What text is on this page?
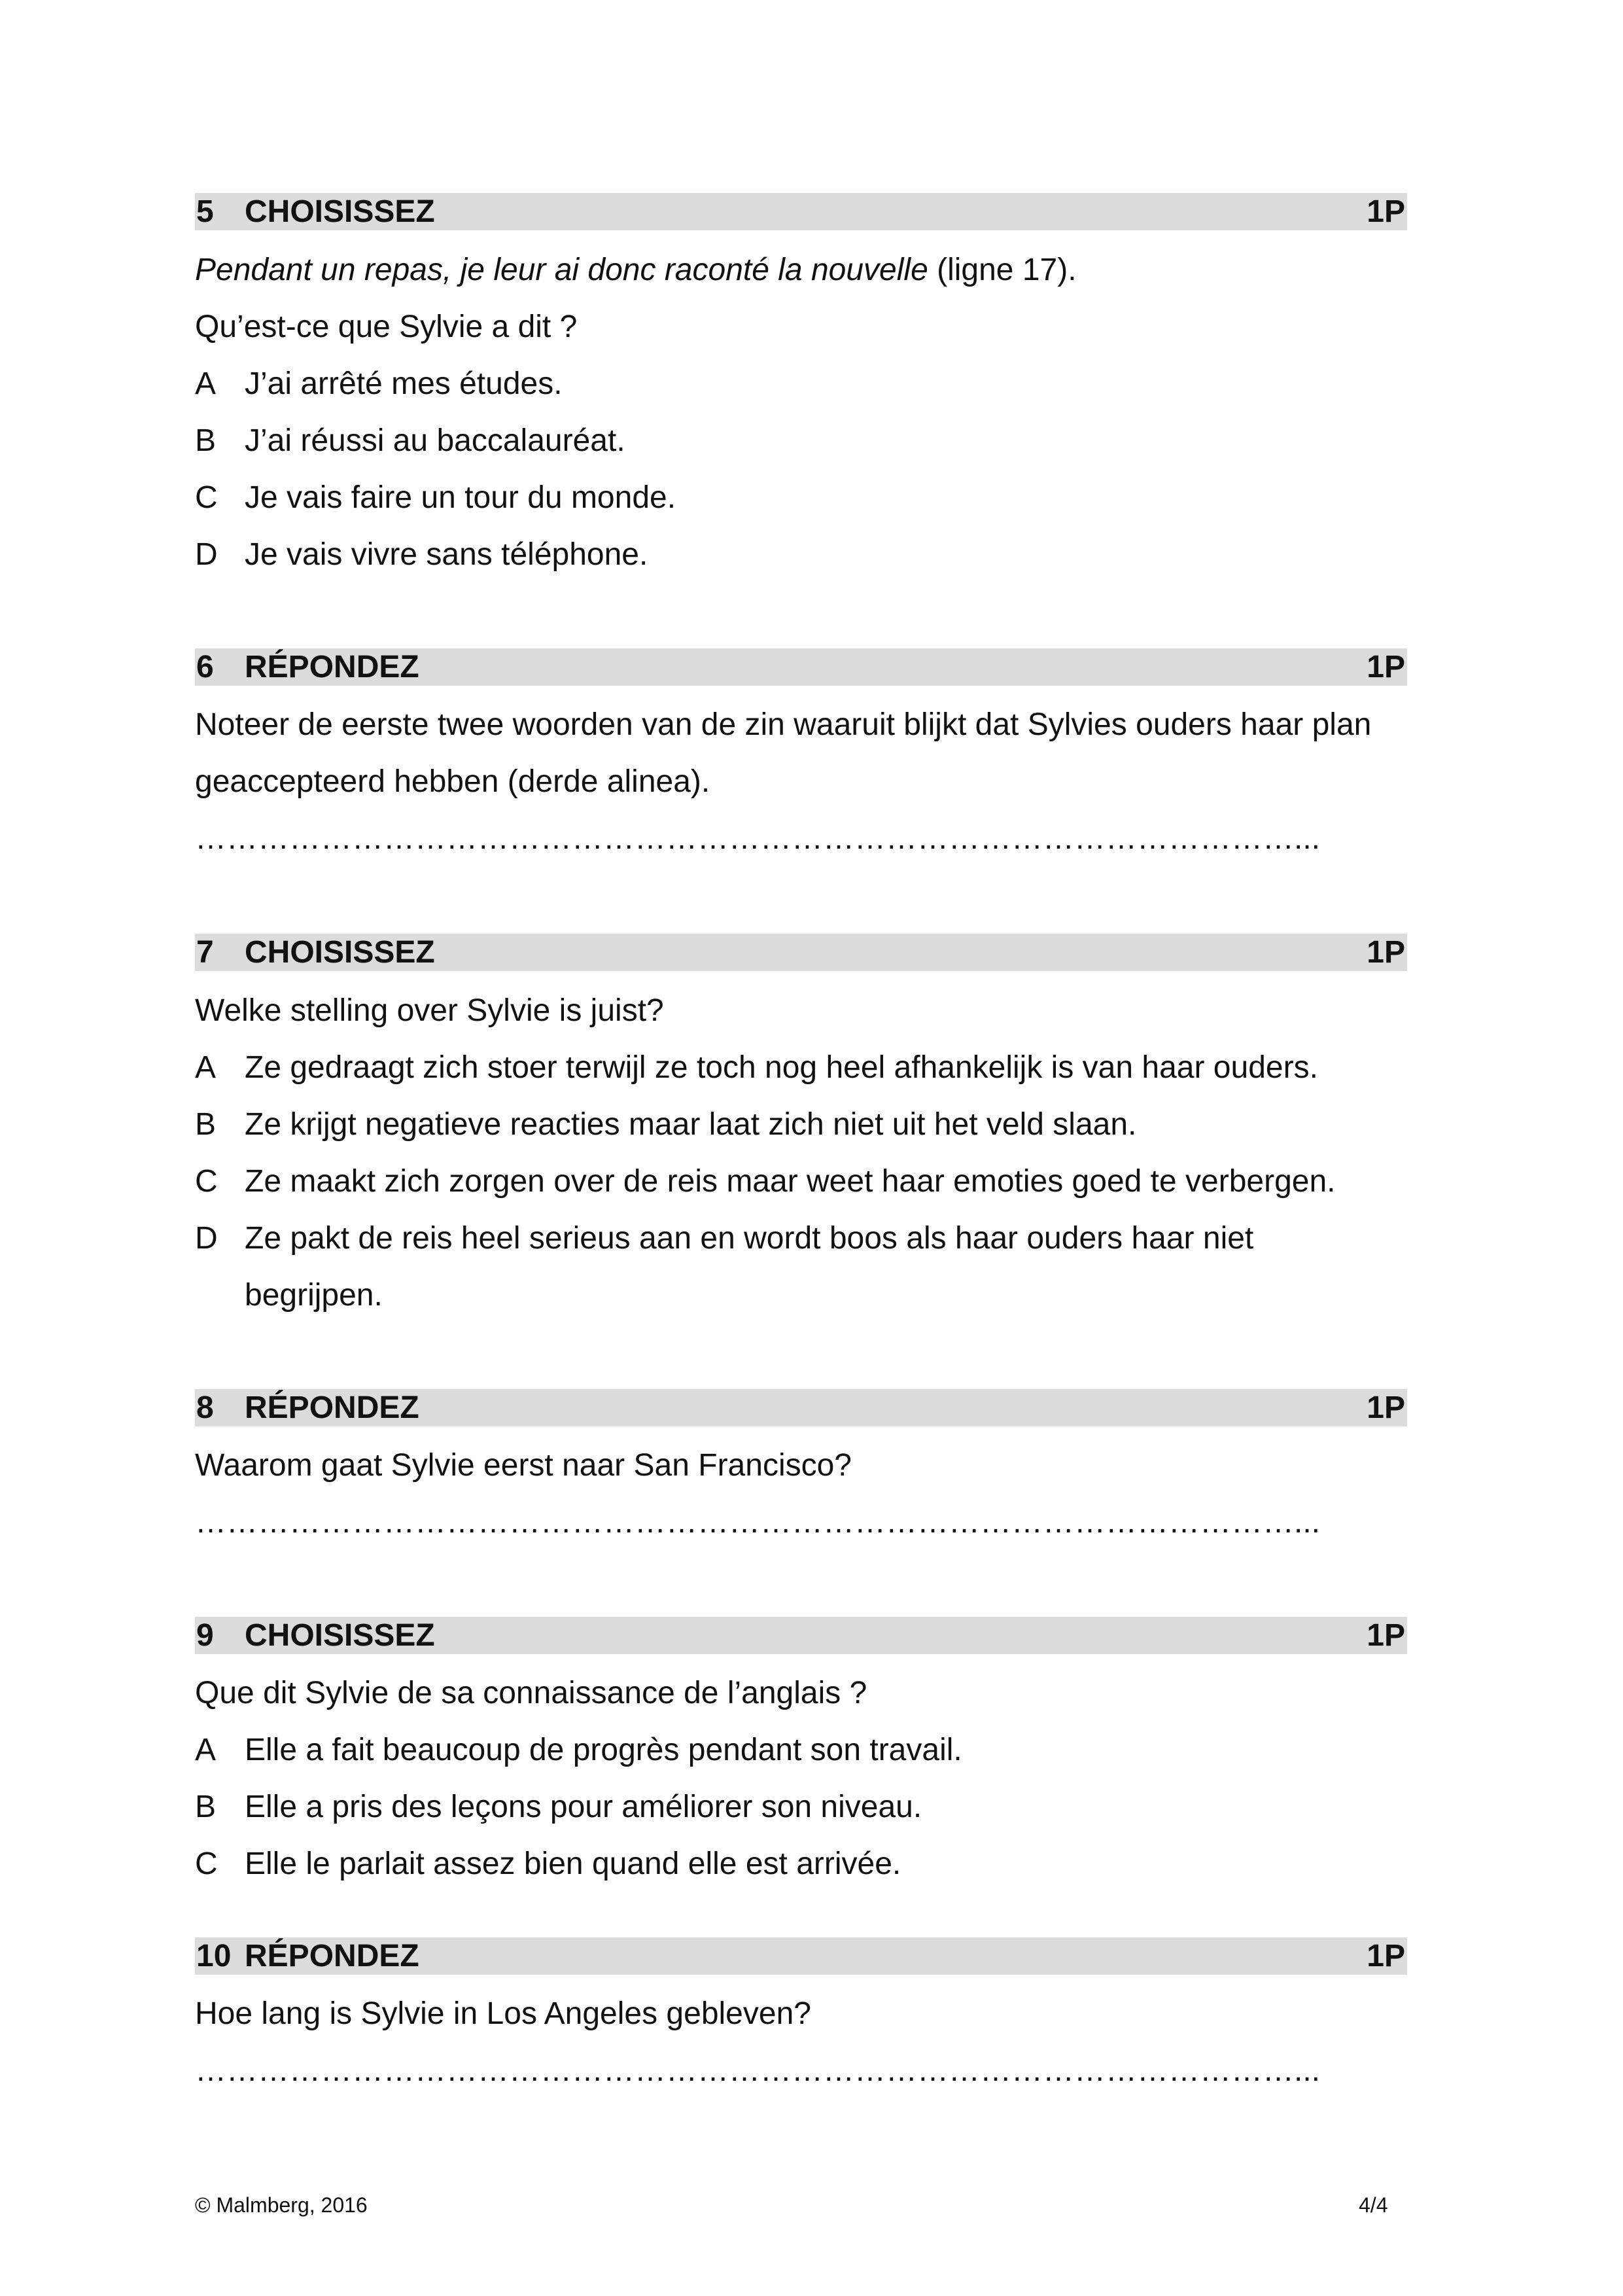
5 CHOISISSEZ	1P
Pendant un repas, je leur ai donc raconté la nouvelle (ligne 17).
Qu’est-ce que Sylvie a dit ?
A J’ai arrêté mes études.
B J’ai réussi au baccalauréat.
C Je vais faire un tour du monde.
D Je vais vivre sans téléphone.
6 RÉPONDEZ	1P
Noteer de eerste twee woorden van de zin waaruit blijkt dat Sylvies ouders haar plan
geaccepteerd hebben (derde alinea).
……………………………………………………………………………………………...
7 CHOISISSEZ	1P
Welke stelling over Sylvie is juist?
A Ze gedraagt zich stoer terwijl ze toch nog heel afhankelijk is van haar ouders.
B Ze krijgt negatieve reacties maar laat zich niet uit het veld slaan.
C Ze maakt zich zorgen over de reis maar weet haar emoties goed te verbergen.
D Ze pakt de reis heel serieus aan en wordt boos als haar ouders haar niet
begrijpen.
8 RÉPONDEZ	1P
Waarom gaat Sylvie eerst naar San Francisco?
……………………………………………………………………………………………...
9 CHOISISSEZ	1P
Que dit Sylvie de sa connaissance de l’anglais ?
A Elle a fait beaucoup de progrès pendant son travail.
B Elle a pris des leçons pour améliorer son niveau.
C Elle le parlait assez bien quand elle est arrivée.
10 RÉPONDEZ	1P
Hoe lang is Sylvie in Los Angeles gebleven?
……………………………………………………………………………………………...
© Malmberg, 2016	4/4
